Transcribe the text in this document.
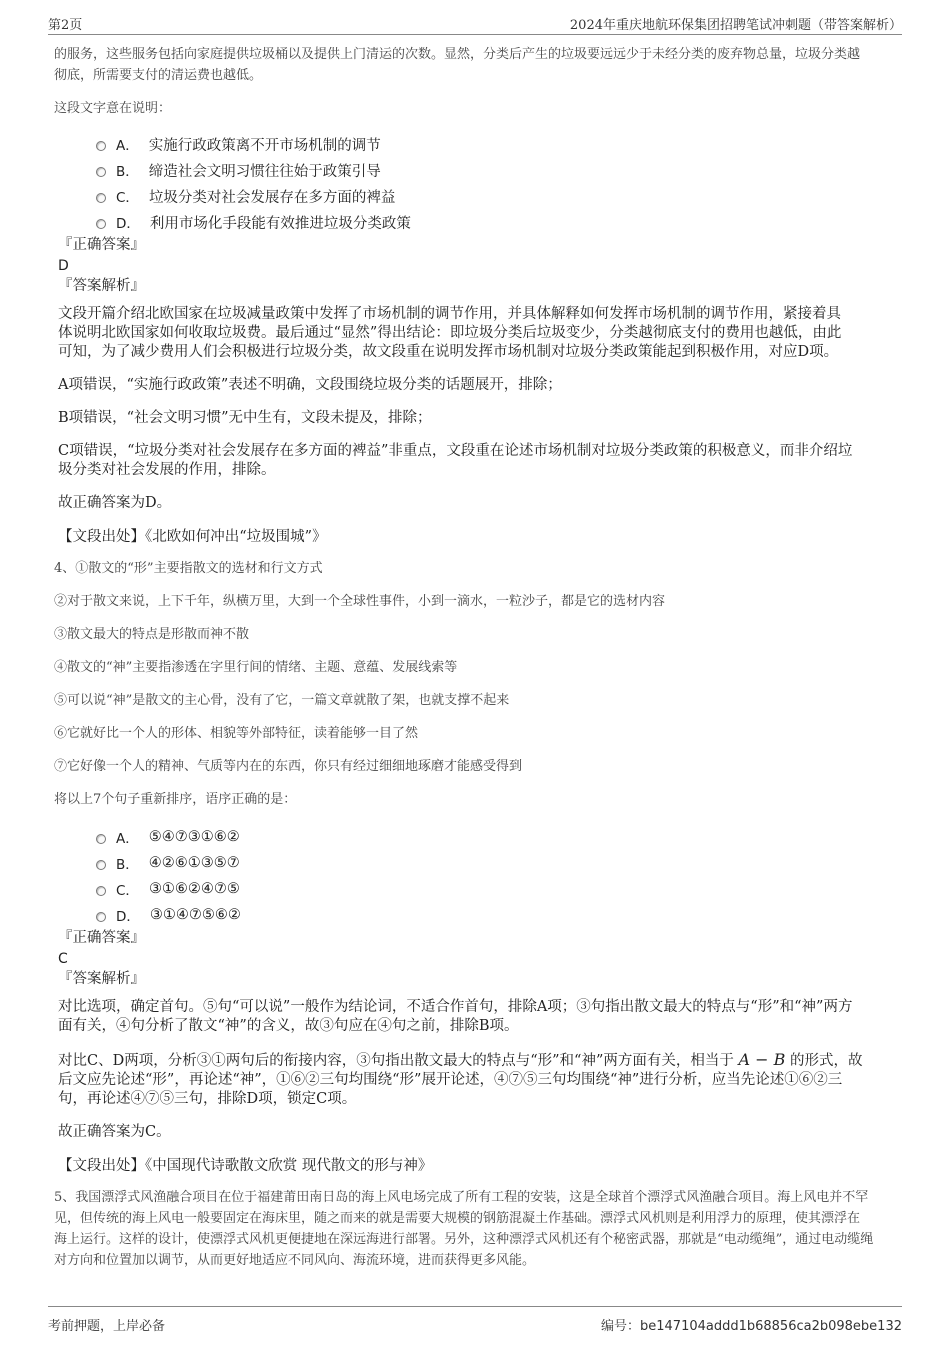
第2页	2024年重庆地航环保集团招聘笔试冲刺题（带答案解析）

的服务，这些服务包括向家庭提供垃圾桶以及提供上门清运的次数。显然，分类后产生的垃圾要远远少于未经分类的废弃物总量，垃圾分类越

彻底，所需要支付的清运费也越低。

这段文字意在说明：

A． 实施行政政策离不开市场机制的调节
B． 缔造社会文明习惯往往始于政策引导
C． 垃圾分类对社会发展存在多方面的裨益
D． 利用市场化手段能有效推进垃圾分类政策
『正确答案』
D
『答案解析』

文段开篇介绍北欧国家在垃圾减量政策中发挥了市场机制的调节作用，并具体解释如何发挥市场机制的调节作用，紧接着具

体说明北欧国家如何收取垃圾费。最后通过“显然”得出结论：即垃圾分类后垃圾变少，分类越彻底支付的费用也越低，由此

可知，为了减少费用人们会积极进行垃圾分类，故文段重在说明发挥市场机制对垃圾分类政策能起到积极作用，对应D项。

A项错误，“实施行政政策”表述不明确，文段围绕垃圾分类的话题展开，排除；

B项错误，“社会文明习惯”无中生有，文段未提及，排除；

C项错误，“垃圾分类对社会发展存在多方面的裨益”非重点，文段重在论述市场机制对垃圾分类政策的积极意义，而非介绍垃

圾分类对社会发展的作用，排除。

故正确答案为D。

【文段出处】《北欧如何冲出“垃圾围城”》

4、①散文的“形”主要指散文的选材和行文方式

②对于散文来说，上下千年，纵横万里，大到一个全球性事件，小到一滴水，一粒沙子，都是它的选材内容

③散文最大的特点是形散而神不散

④散文的“神”主要指渗透在字里行间的情绪、主题、意蕴、发展线索等

⑤可以说“神”是散文的主心骨，没有了它，一篇文章就散了架，也就支撑不起来

⑥它就好比一个人的形体、相貌等外部特征，读着能够一目了然

⑦它好像一个人的精神、气质等内在的东西，你只有经过细细地琢磨才能感受得到

将以上7个句子重新排序，语序正确的是：

A． ⑤④⑦③①⑥②
B． ④②⑥①③⑤⑦
C． ③①⑥②④⑦⑤
D． ③①④⑦⑤⑥②
『正确答案』
C
『答案解析』

对比选项，确定首句。⑤句“可以说”一般作为结论词，不适合作首句，排除A项；③句指出散文最大的特点与“形”和“神”两方

面有关，④句分析了散文“神”的含义，故③句应在④句之前，排除B项。

对比C、D两项，分析③①两句后的衔接内容，③句指出散文最大的特点与“形”和“神”两方面有关，相当于 A − B 的形式，故

后文应先论述“形”，再论述“神”，①⑥②三句均围绕“形”展开论述，④⑦⑤三句均围绕“神”进行分析，应当先论述①⑥②三

句，再论述④⑦⑤三句，排除D项，锁定C项。

故正确答案为C。

【文段出处】《中国现代诗歌散文欣赏 现代散文的形与神》

5、我国漂浮式风渔融合项目在位于福建莆田南日岛的海上风电场完成了所有工程的安装，这是全球首个漂浮式风渔融合项目。海上风电并不罕

见，但传统的海上风电一般要固定在海床里，随之而来的就是需要大规模的钢筋混凝土作基础。漂浮式风机则是利用浮力的原理，使其漂浮在

海上运行。这样的设计，使漂浮式风机更便捷地在深远海进行部署。另外，这种漂浮式风机还有个秘密武器，那就是“电动缆绳”，通过电动缆绳

对方向和位置加以调节，从而更好地适应不同风向、海流环境，进而获得更多风能。

考前押题，上岸必备	编号：be147104addd1b68856ca2b098ebe132
